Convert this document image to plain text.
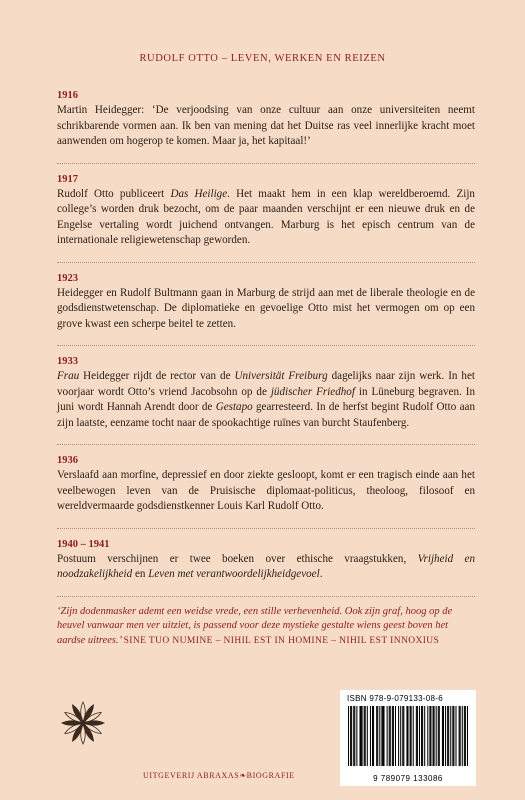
RUDOLF OTTO – LEVEN, WERKEN EN REIZEN
1916

Martin Heidegger: ‘De verjoodsing van onze cultuur aan onze universiteiten neemt schrikbarende vormen aan. Ik ben van mening dat het Duitse ras veel innerlijke kracht moet aanwenden om hogerop te komen. Maar ja, het kapitaal!’

1917

Rudolf Otto publiceert Das Heilige. Het maakt hem in een klap wereldberoemd. Zijn college’s worden druk bezocht, om de paar maanden verschijnt er een nieuwe druk en de Engelse vertaling wordt juichend ontvangen. Marburg is het episch centrum van de internationale religiewetenschap geworden.

1923

Heidegger en Rudolf Bultmann gaan in Marburg de strijd aan met de liberale theologie en de godsdienstwetenschap. De diplomatieke en gevoelige Otto mist het vermogen om op een grove kwast een scherpe beitel te zetten.

1933

Frau Heidegger rijdt de rector van de Universität Freiburg dagelijks naar zijn werk. In het voorjaar wordt Otto’s vriend Jacobsohn op de jüdischer Friedhof in Lüneburg begraven. In juni wordt Hannah Arendt door de Gestapo gearresteerd. In de herfst begint Rudolf Otto aan zijn laatste, eenzame tocht naar de spookachtige ruïnes van burcht Staufenberg.

1936

Verslaafd aan morfine, depressief en door ziekte gesloopt, komt er een tragisch einde aan het veelbewogen leven van de Pruisische diplomaat-politicus, theoloog, filosoof en wereldvermaarde godsdienstkenner Louis Karl Rudolf Otto.

1940 – 1941

Postuum verschijnen er twee boeken over ethische vraagstukken, Vrijheid en noodzakelijkheid en Leven met verantwoordelijkheidgevoel.

‘Zijn dodenmasker ademt een weidse vrede, een stille verhevenheid. Ook zijn graf, hoog op de heuvel vanwaar men ver uitziet, is passend voor deze mystieke gestalte wiens geest boven het aardse uitrees.’ SINE TUO NUMINE – NIHIL EST IN HOMINE – NIHIL EST INNOXIUS
ISBN 978-9-079133-08-6
9 789079 133086
UITGEVERIJ ABRAXAS❧BIOGRAFIE
